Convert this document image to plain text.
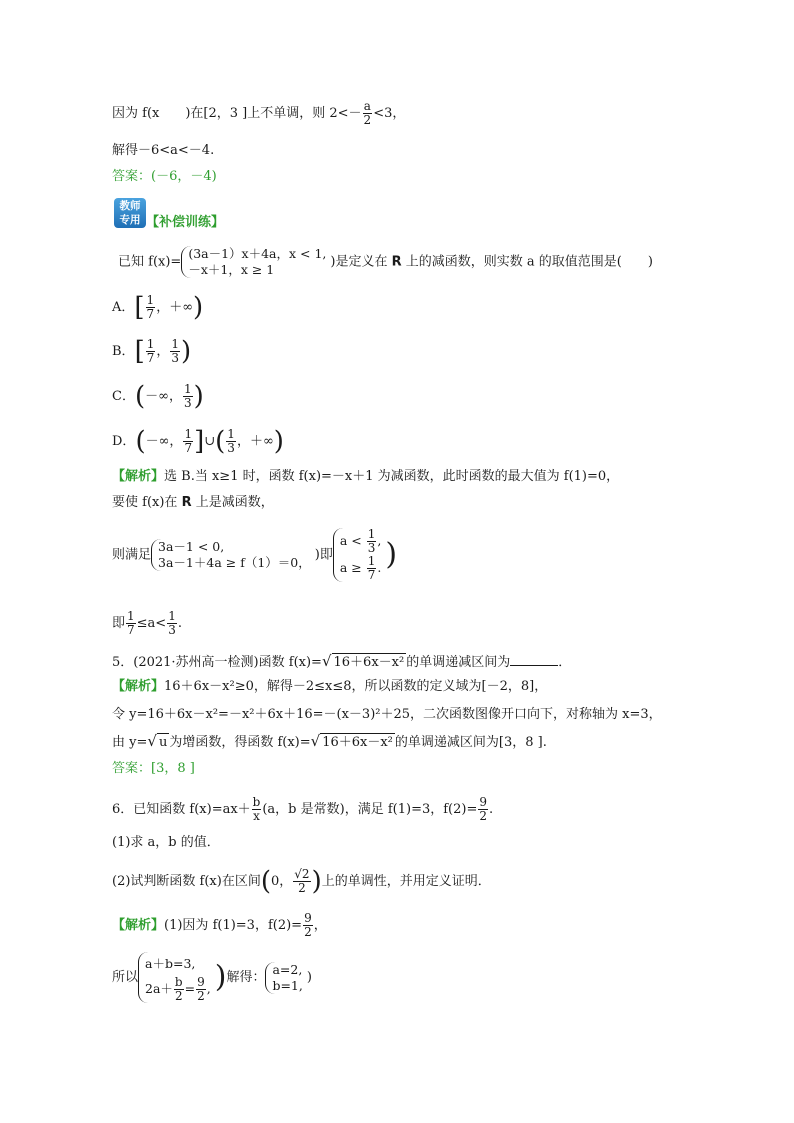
因为 f(x　　)在[2，3 ]上不单调，则 $2<- \frac{a}{2} <3$，
解得－6<a<－4.
答案：(－6，－4)
教师
专用 【补偿训练】
已知 f(x)=
(3a－1）x＋4a，x < 1,
－x＋1，x ≥ 1	)是定义在 R 上的减函数，则实数 a 的取值范围是(　　)
A．[ $\frac{1}{7}$ ，＋∞)
B．[ $\frac{1}{7}$ ， $\frac{1}{3}$ )
C．(－∞， $\frac{1}{3}$ )
D．(－∞， $\frac{1}{7}$ ]∪( $\frac{1}{3}$ ，＋∞)
【解析】选 B.当 x≥1 时，函数 f(x)=－x＋1 为减函数，此时函数的最大值为 f(1)=0，
要使 f(x)在 R 上是减函数，
则满足
3a－1 < 0,
3a－1＋4a ≥ f（1）＝0， )即
$a < \frac{1}{3}$ ,
$a \ge \frac{1}{7}$ . )
即 $\frac{1}{7} \le a< \frac{1}{3}$ .
5．(2021·苏州高一检测)函数 f(x)=√ 16＋6x－x² 的单调递减区间为	．
【解析】16＋6x－x²≥0，解得－2≤x≤8，所以函数的定义域为[－2，8]，
令 y=16＋6x－x²=－x²＋6x＋16=－(x－3)²＋25，二次函数图像开口向下，对称轴为 x=3，
由 y=√ u 为增函数，得函数 f(x)=√ 16＋6x－x² 的单调递减区间为[3，8 ].
答案：[3，8 ]
6．已知函数 $f(x)=ax+ \frac{b}{x} (a$，b 是常数)，满足 f(1)=3，$f(2)= \frac{9}{2}$ .
(1)求 a，b 的值．
(2)试判断函数 f(x)在区间(0， $\frac{√2}{2}$ )上的单调性，并用定义证明．
【解析】(1)因为 f(1)=3，$f(2)= \frac{9}{2}$ ，
所以
a＋b=3,
$2a+ \frac{b}{2} = \frac{9}{2}$ , )解得：
a=2,
b=1, )
